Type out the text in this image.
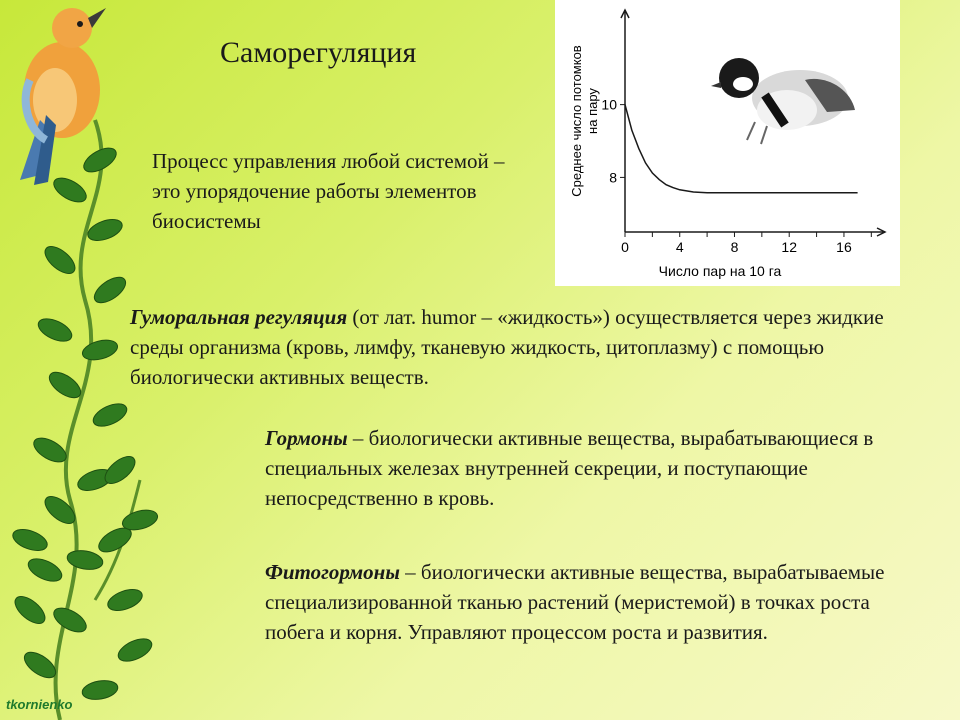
Саморегуляция
Процесс управления любой системой – это упорядочение работы элементов биосистемы
0	4	8	12	16
8
10
Число пар на 10 га
Среднее число потомковна пару
Гуморальная регуляция (от лат. humor – «жидкость») осуществляется через жидкие среды организма (кровь, лимфу, тканевую жидкость, цитоплазму) с помощью биологически активных веществ.
Гормоны – биологически активные вещества, вырабатывающиеся в специальных железах внутренней секреции, и поступающие непосредственно в кровь.
Фитогормоны – биологически активные вещества, вырабатываемые специализированной тканью растений (меристемой) в точках роста побега и корня. Управляют процессом роста и развития.
tkornienko
